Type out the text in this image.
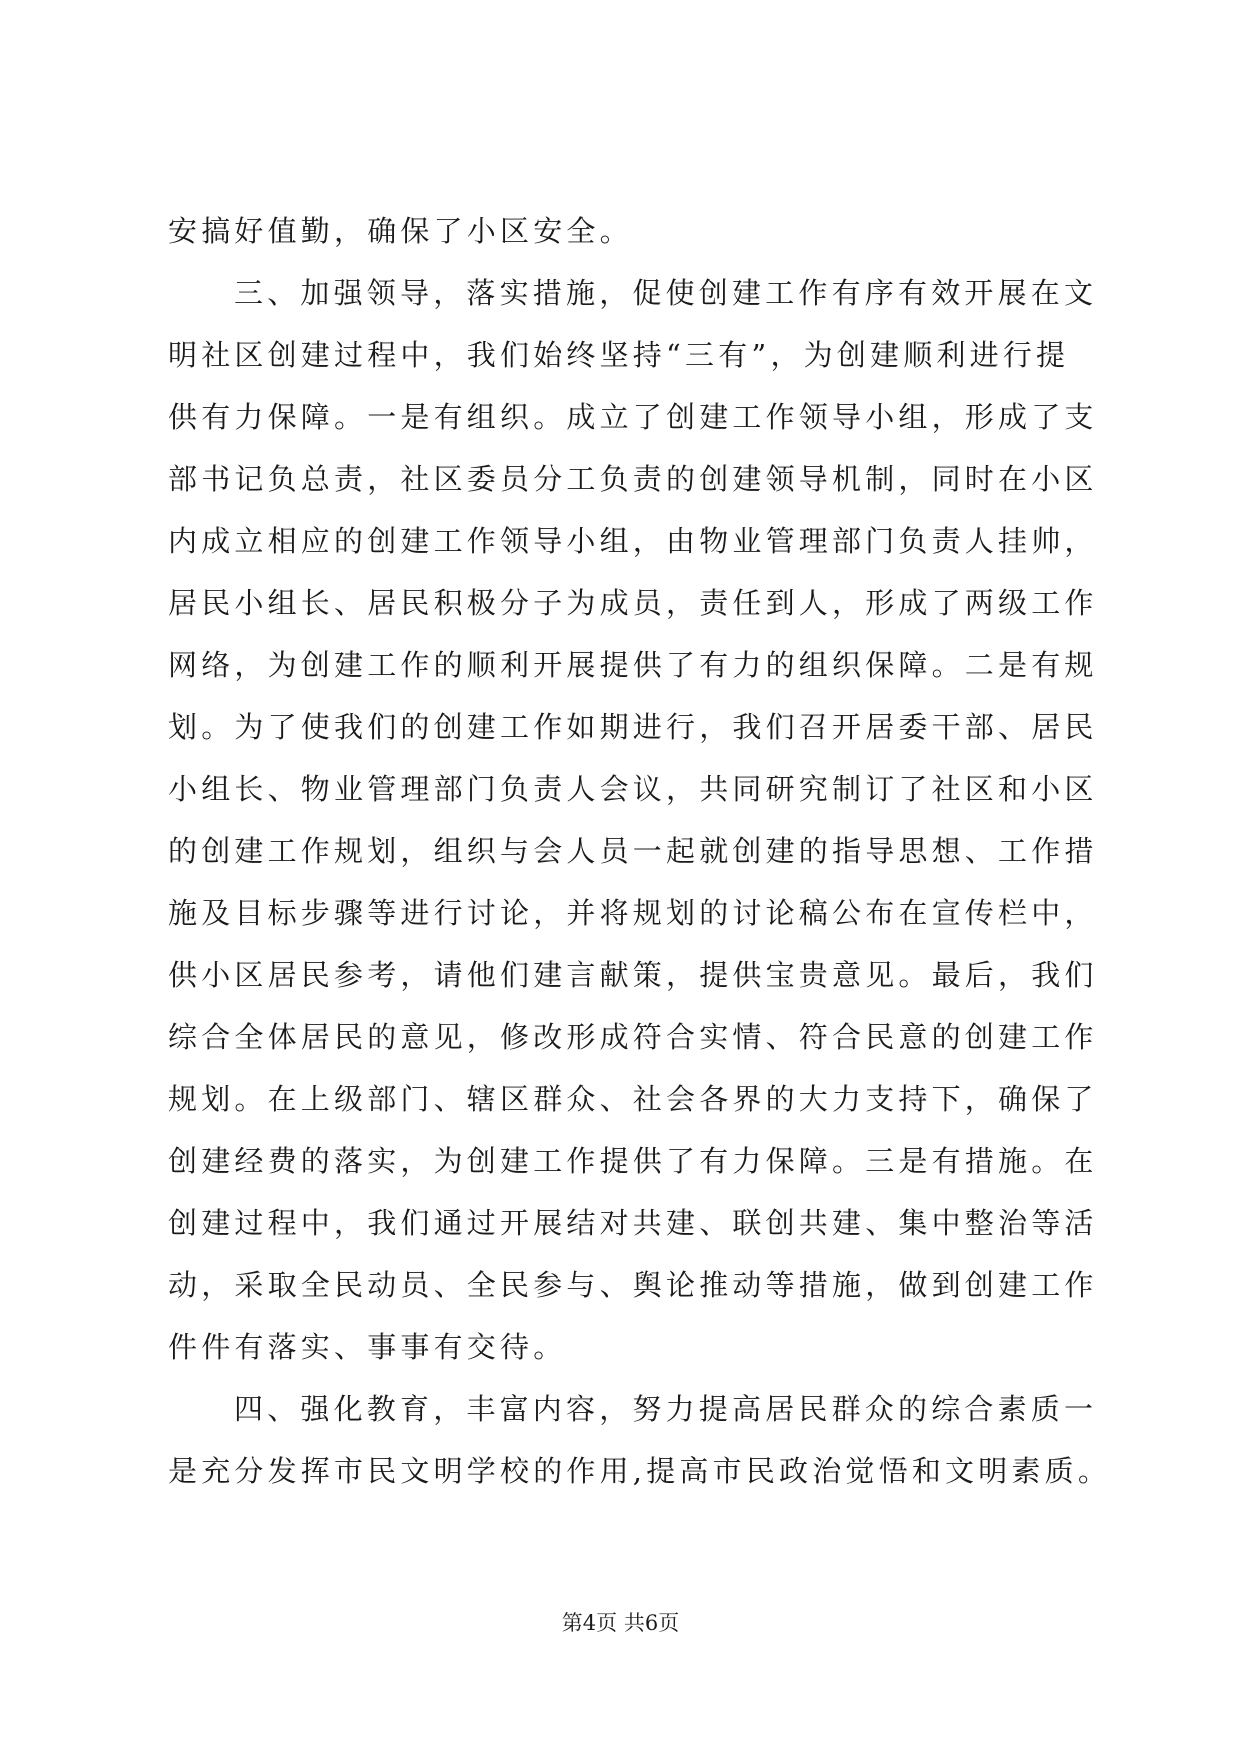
安搞好值勤，确保了小区安全。
三、加强领导，落实措施，促使创建工作有序有效开展在文
明社区创建过程中，我们始终坚持“三有”，为创建顺利进行提
供有力保障。一是有组织。成立了创建工作领导小组，形成了支
部书记负总责，社区委员分工负责的创建领导机制，同时在小区
内成立相应的创建工作领导小组，由物业管理部门负责人挂帅，
居民小组长、居民积极分子为成员，责任到人，形成了两级工作
网络，为创建工作的顺利开展提供了有力的组织保障。二是有规
划。为了使我们的创建工作如期进行，我们召开居委干部、居民
小组长、物业管理部门负责人会议，共同研究制订了社区和小区
的创建工作规划，组织与会人员一起就创建的指导思想、工作措
施及目标步骤等进行讨论，并将规划的讨论稿公布在宣传栏中，
供小区居民参考，请他们建言献策，提供宝贵意见。最后，我们
综合全体居民的意见，修改形成符合实情、符合民意的创建工作
规划。在上级部门、辖区群众、社会各界的大力支持下，确保了
创建经费的落实，为创建工作提供了有力保障。三是有措施。在
创建过程中，我们通过开展结对共建、联创共建、集中整治等活
动，采取全民动员、全民参与、舆论推动等措施，做到创建工作
件件有落实、事事有交待。
四、强化教育，丰富内容，努力提高居民群众的综合素质一
是充分发挥市民文明学校的作用,提高市民政治觉悟和文明素质。
第4页 共6页
